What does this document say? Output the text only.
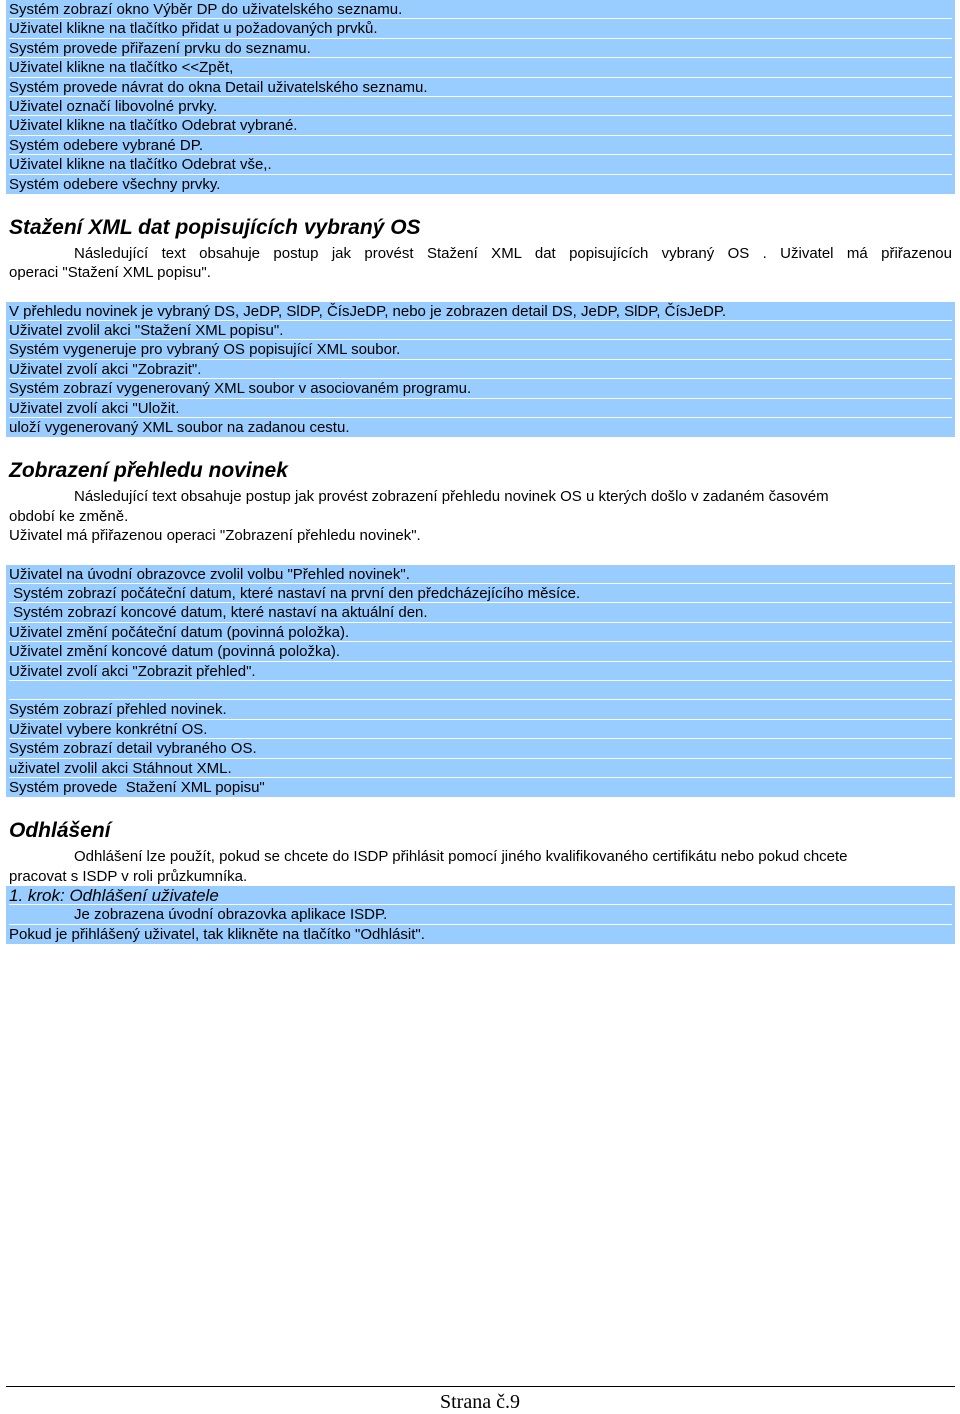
Systém zobrazí okno Výběr DP do uživatelského seznamu.
Uživatel klikne na tlačítko přidat u požadovaných prvků.
Systém provede přiřazení prvku do seznamu.
Uživatel klikne na tlačítko <<Zpět,
Systém provede návrat do okna Detail uživatelského seznamu.
Uživatel označí libovolné prvky.
Uživatel klikne na tlačítko Odebrat vybrané.
Systém odebere vybrané DP.
Uživatel klikne na tlačítko Odebrat vše,.
Systém odebere všechny prvky.
Stažení XML dat popisujících vybraný OS
Následující text obsahuje postup jak provést Stažení XML dat popisujících vybraný OS . Uživatel má přiřazenou
operaci "Stažení XML popisu".
V přehledu novinek je vybraný DS, JeDP, SlDP, ČísJeDP, nebo je zobrazen detail DS, JeDP, SlDP, ČísJeDP.
Uživatel zvolil akci "Stažení XML popisu".
Systém vygeneruje pro vybraný OS popisující XML soubor.
Uživatel zvolí akci "Zobrazit".
Systém zobrazí vygenerovaný XML soubor v asociovaném programu.
Uživatel zvolí akci "Uložit.
uloží vygenerovaný XML soubor na zadanou cestu.
Zobrazení přehledu novinek
Následující text obsahuje postup jak provést zobrazení přehledu novinek OS u kterých došlo v zadaném časovém
období ke změně.
Uživatel má přiřazenou operaci "Zobrazení přehledu novinek".
Uživatel na úvodní obrazovce zvolil volbu "Přehled novinek".
Systém zobrazí počáteční datum, které nastaví na první den předcházejícího měsíce.
Systém zobrazí koncové datum, které nastaví na aktuální den.
Uživatel změní počáteční datum (povinná položka).
Uživatel změní koncové datum (povinná položka).
Uživatel zvolí akci "Zobrazit přehled".
Systém zobrazí přehled novinek.
Uživatel vybere konkrétní OS.
Systém zobrazí detail vybraného OS.
uživatel zvolil akci Stáhnout XML.
Systém provede  Stažení XML popisu"
Odhlášení
Odhlášení lze použít, pokud se chcete do ISDP přihlásit pomocí jiného kvalifikovaného certifikátu nebo pokud chcete
pracovat s ISDP v roli průzkumníka.
1. krok: Odhlášení uživatele
Je zobrazena úvodní obrazovka aplikace ISDP.
Pokud je přihlášený uživatel, tak klikněte na tlačítko "Odhlásit".
Strana č.9
